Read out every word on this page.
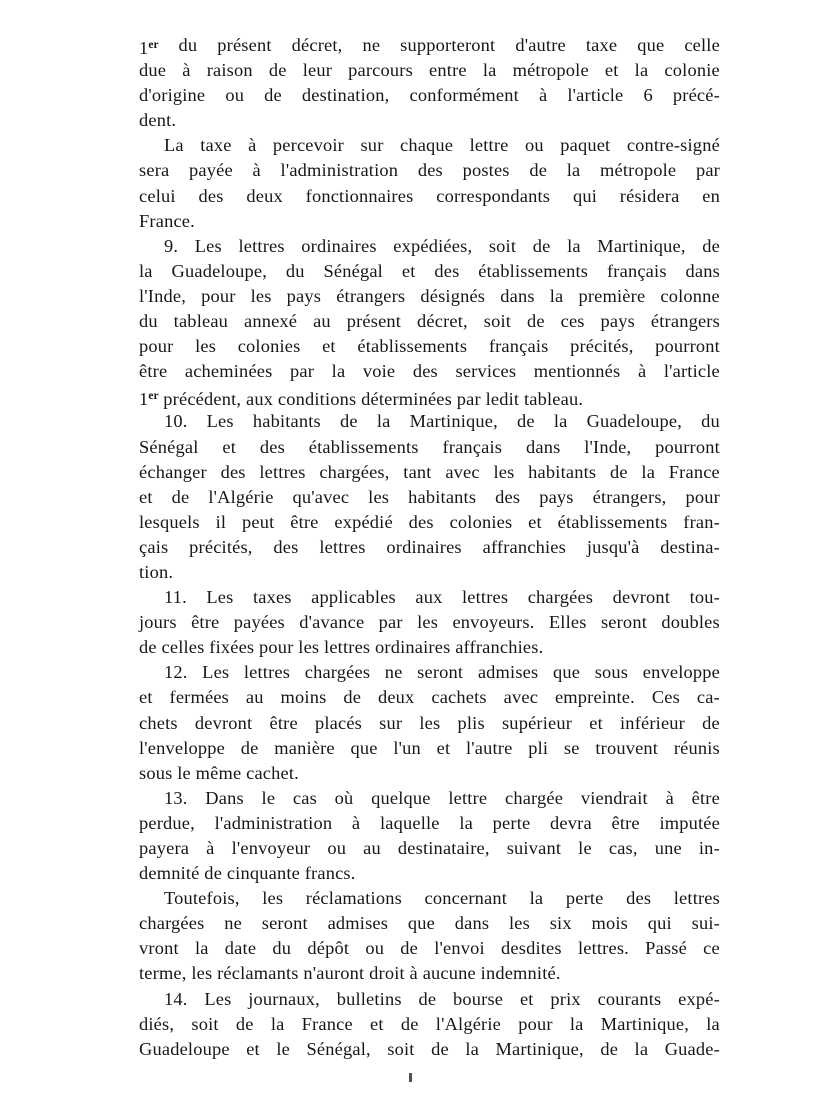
1er du présent décret, ne supporteront d'autre taxe que celle
due à raison de leur parcours entre la métropole et la colonie
d'origine ou de destination, conformément à l'article 6 précé-
dent.
La taxe à percevoir sur chaque lettre ou paquet contre-signé
sera payée à l'administration des postes de la métropole par
celui des deux fonctionnaires correspondants qui résidera en
France.
9. Les lettres ordinaires expédiées, soit de la Martinique, de
la Guadeloupe, du Sénégal et des établissements français dans
l'Inde, pour les pays étrangers désignés dans la première colonne
du tableau annexé au présent décret, soit de ces pays étrangers
pour les colonies et établissements français précités, pourront
être acheminées par la voie des services mentionnés à l'article
1er précédent, aux conditions déterminées par ledit tableau.
10. Les habitants de la Martinique, de la Guadeloupe, du
Sénégal et des établissements français dans l'Inde, pourront
échanger des lettres chargées, tant avec les habitants de la France
et de l'Algérie qu'avec les habitants des pays étrangers, pour
lesquels il peut être expédié des colonies et établissements fran-
çais précités, des lettres ordinaires affranchies jusqu'à destina-
tion.
11. Les taxes applicables aux lettres chargées devront tou-
jours être payées d'avance par les envoyeurs. Elles seront doubles
de celles fixées pour les lettres ordinaires affranchies.
12. Les lettres chargées ne seront admises que sous enveloppe
et fermées au moins de deux cachets avec empreinte. Ces ca-
chets devront être placés sur les plis supérieur et inférieur de
l'enveloppe de manière que l'un et l'autre pli se trouvent réunis
sous le même cachet.
13. Dans le cas où quelque lettre chargée viendrait à être
perdue, l'administration à laquelle la perte devra être imputée
payera à l'envoyeur ou au destinataire, suivant le cas, une in-
demnité de cinquante francs.
Toutefois, les réclamations concernant la perte des lettres
chargées ne seront admises que dans les six mois qui sui-
vront la date du dépôt ou de l'envoi desdites lettres. Passé ce
terme, les réclamants n'auront droit à aucune indemnité.
14. Les journaux, bulletins de bourse et prix courants expé-
diés, soit de la France et de l'Algérie pour la Martinique, la
Guadeloupe et le Sénégal, soit de la Martinique, de la Guade-
